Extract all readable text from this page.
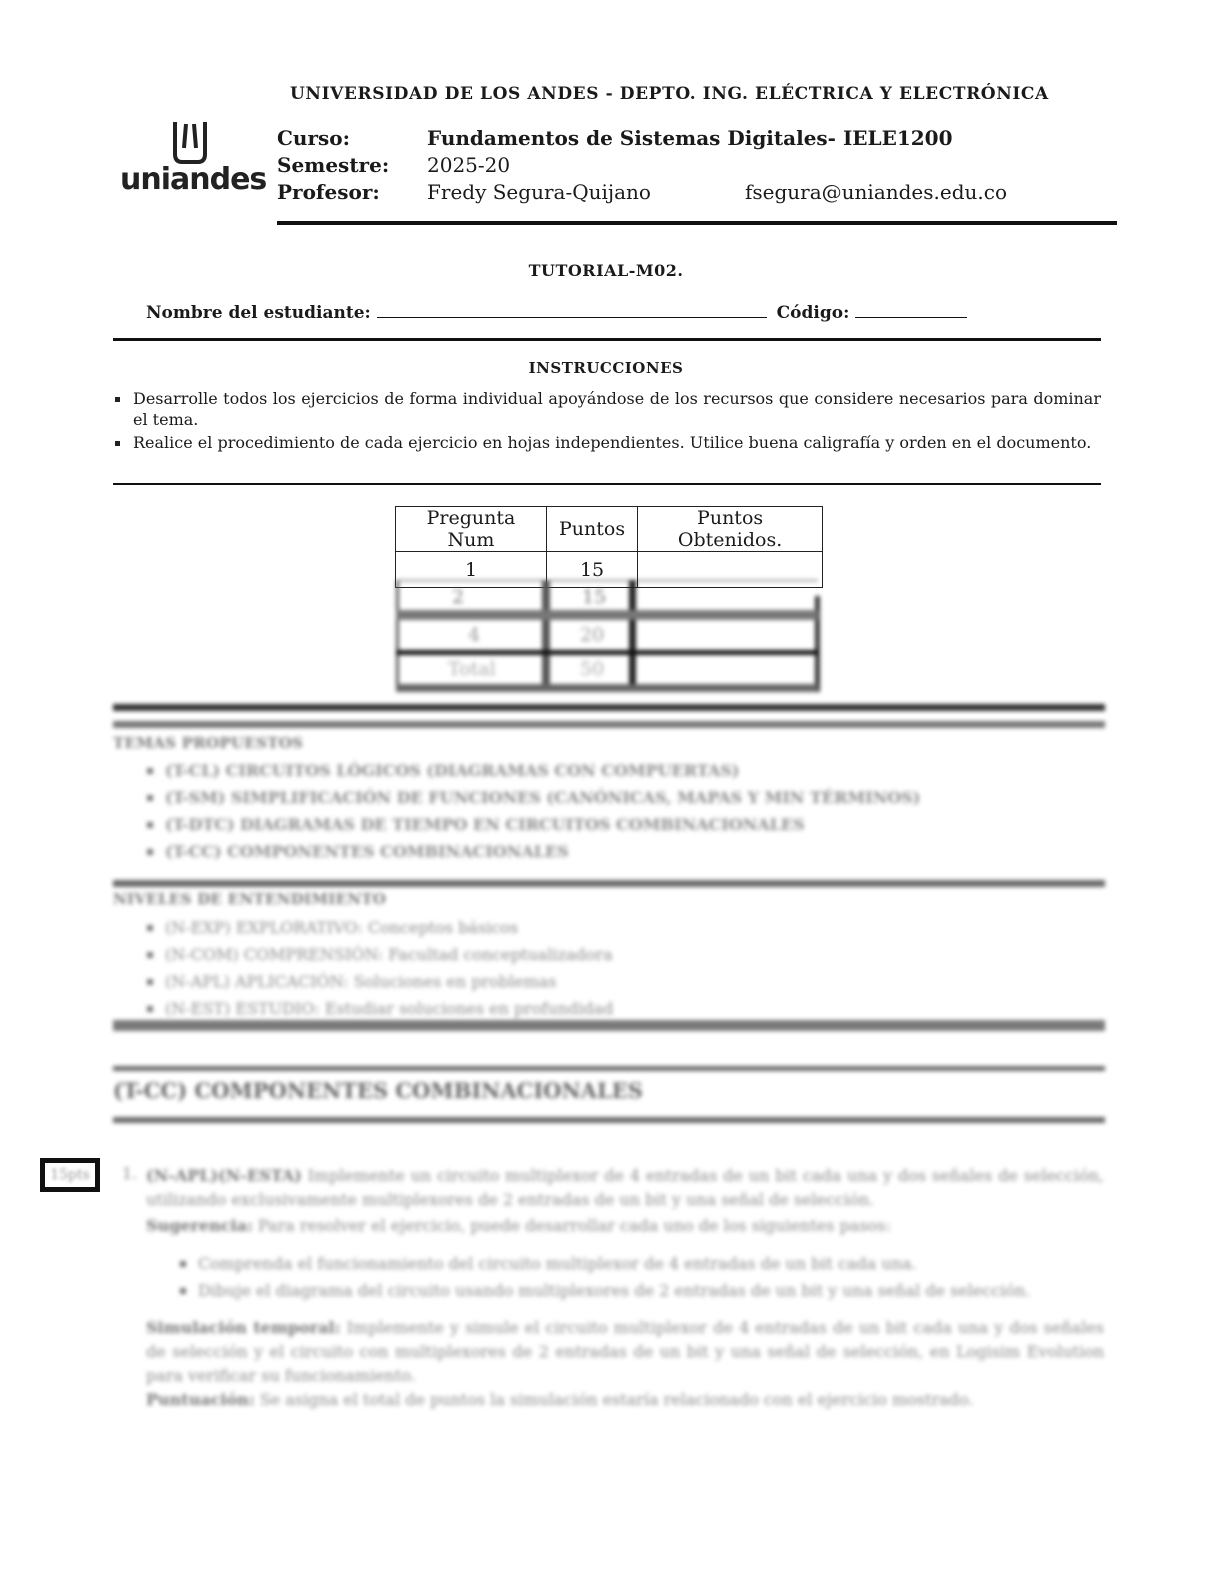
UNIVERSIDAD DE LOS ANDES - DEPTO. ING. ELÉCTRICA Y ELECTRÓNICA
uniandes
Curso:	Fundamentos de Sistemas Digitales- IELE1200
Semestre: 2025-20
Profesor: Fredy Segura-Quijano	fsegura@uniandes.edu.co
TUTORIAL-M02.
Nombre del estudiante:	Código:
INSTRUCCIONES
Desarrolle todos los ejercicios de forma individual apoyándose de los recursos que considere necesarios para dominar el tema.
Realice el procedimiento de cada ejercicio en hojas independientes. Utilice buena caligrafía y orden en el documento.
Pregunta Num	Puntos	Puntos Obtenidos.
1	15	
2	15
4	20
Total	50
TEMAS PROPUESTOS
(T-CL) CIRCUITOS LÓGICOS (DIAGRAMAS CON COMPUERTAS)
(T-SM) SIMPLIFICACIÓN DE FUNCIONES (CANÓNICAS, MAPAS Y MIN TÉRMINOS)
(T-DTC) DIAGRAMAS DE TIEMPO EN CIRCUITOS COMBINACIONALES
(T-CC) COMPONENTES COMBINACIONALES
NIVELES DE ENTENDIMIENTO
(N-EXP) EXPLORATIVO: Conceptos básicos
(N-COM) COMPRENSIÓN: Facultad conceptualizadora
(N-APL) APLICACIÓN: Soluciones en problemas
(N-EST) ESTUDIO: Estudiar soluciones en profundidad
(T-CC) COMPONENTES COMBINACIONALES
15pts	1. (N-APL)(N-ESTA) Implemente un circuito multiplexor de 4 entradas de un bit cada una y dos señales de selección, utilizando exclusivamente multiplexores de 2 entradas de un bit y una señal de selección.
Sugerencia: Para resolver el ejercicio, puede desarrollar cada uno de los siguientes pasos:
Comprenda el funcionamiento del circuito multiplexor de 4 entradas de un bit cada una.
Dibuje el diagrama del circuito usando multiplexores de 2 entradas de un bit y una señal de selección.
Simulación temporal: Implemente y simule el circuito multiplexor de 4 entradas de un bit cada una y dos señales de selección y el circuito con multiplexores de 2 entradas de un bit y una señal de selección, en Logisim Evolution para verificar su funcionamiento.
Puntuación: Se asigna el total de puntos la simulación estaría relacionado con el ejercicio mostrado.
